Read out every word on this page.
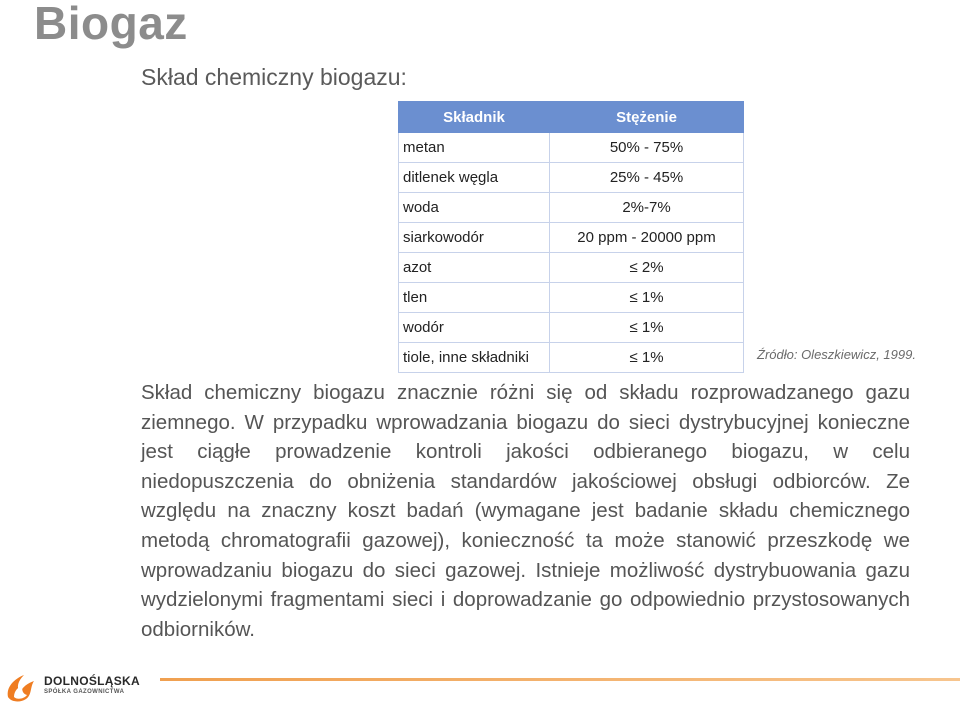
Biogaz
Skład chemiczny biogazu:
Składnik	Stężenie
metan	50% - 75%
ditlenek węgla	25% - 45%
woda	2%-7%
siarkowodór	20 ppm - 20000 ppm
azot	≤ 2%
tlen	≤ 1%
wodór	≤ 1%
tiole, inne składniki	≤ 1%	Źródło: Oleszkiewicz, 1999.
Skład chemiczny biogazu znacznie różni się od składu rozprowadzanego gazu ziemnego. W przypadku wprowadzania biogazu do sieci dystrybucyjnej konieczne jest ciągłe prowadzenie kontroli jakości odbieranego biogazu, w celu niedopuszczenia do obniżenia standardów jakościowej obsługi odbiorców. Ze względu na znaczny koszt badań (wymagane jest badanie składu chemicznego metodą chromatografii gazowej), konieczność ta może stanowić przeszkodę we wprowadzaniu biogazu do sieci gazowej. Istnieje możliwość dystrybuowania gazu wydzielonymi fragmentami sieci i doprowadzanie go odpowiednio przystosowanych odbiorników.
DOLNOŚLĄSKA
SPÓŁKA GAZOWNICTWA
